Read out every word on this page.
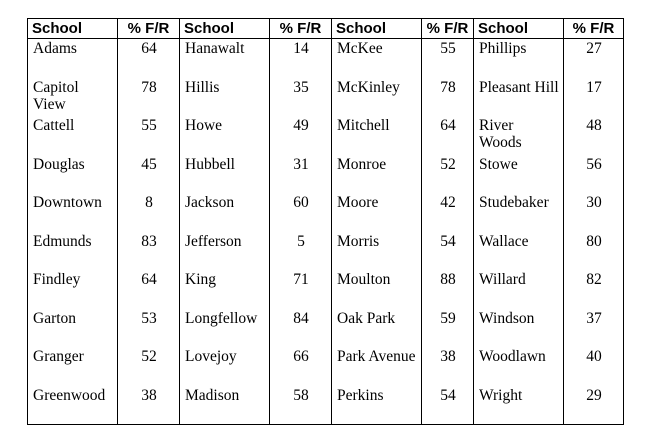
School	% F/R	School	% F/R	School	% F/R	School	% F/R
Adams	64	Hanawalt	14	McKee	55	Phillips	27
Capitol View	78	Hillis	35	McKinley	78	Pleasant Hill	17
Cattell	55	Howe	49	Mitchell	64	River Woods	48
Douglas	45	Hubbell	31	Monroe	52	Stowe	56
Downtown	8	Jackson	60	Moore	42	Studebaker	30
Edmunds	83	Jefferson	5	Morris	54	Wallace	80
Findley	64	King	71	Moulton	88	Willard	82
Garton	53	Longfellow	84	Oak Park	59	Windson	37
Granger	52	Lovejoy	66	Park Avenue	38	Woodlawn	40
Greenwood	38	Madison	58	Perkins	54	Wright	29
